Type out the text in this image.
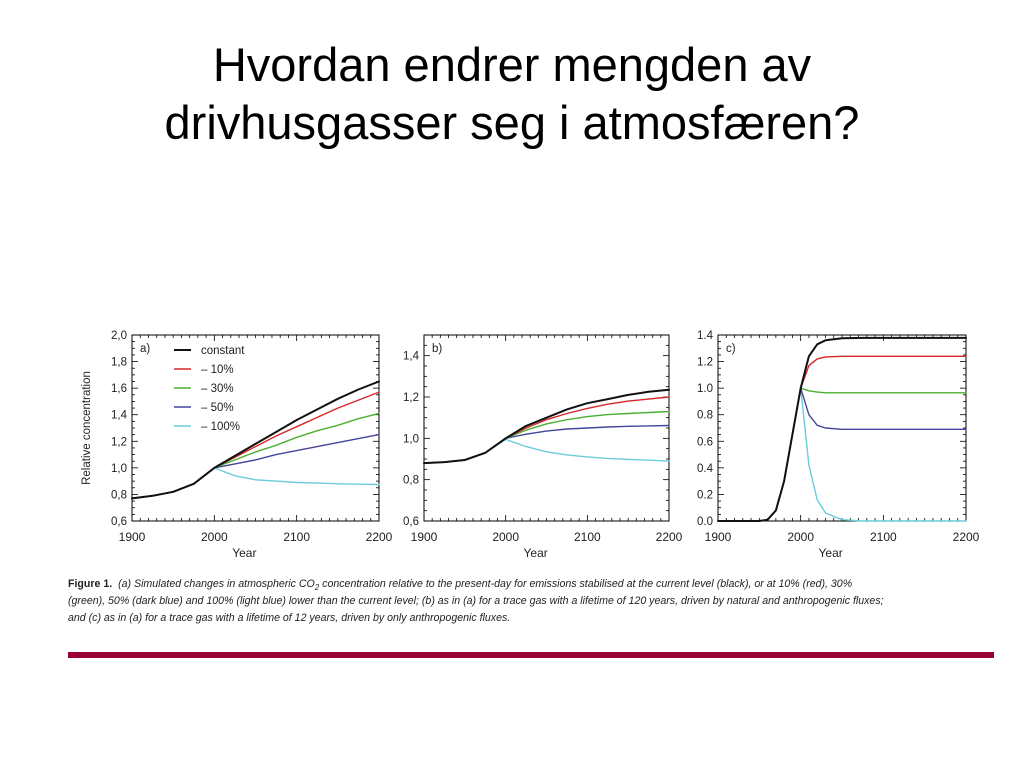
Hvordan endrer mengden av
drivhusgasser seg i atmosfæren?
1900	2000	2100	2200
0,6
0,8
1,0
1,2
1,4
1,6
1,8
2,0
Year
Relative concentration
a)	constant
– 10%
– 30%
– 50%
– 100%
1900	2000	2100	2200
0,6
0,8
1,0
1,2
1,4
Year
b)
1900	2000	2100	2200
0.0
0.2
0.4
0.6
0.8
1.0
1.2
1.4
Year
c)
Figure 1. (a) Simulated changes in atmospheric $CO_2$ concentration relative to the present-day for emissions stabilised at the current level (black), or at 10% (red), 30%
(green), 50% (dark blue) and 100% (light blue) lower than the current level; (b) as in (a) for a trace gas with a lifetime of 120 years, driven by natural and anthropogenic fluxes;
and (c) as in (a) for a trace gas with a lifetime of 12 years, driven by only anthropogenic fluxes.
